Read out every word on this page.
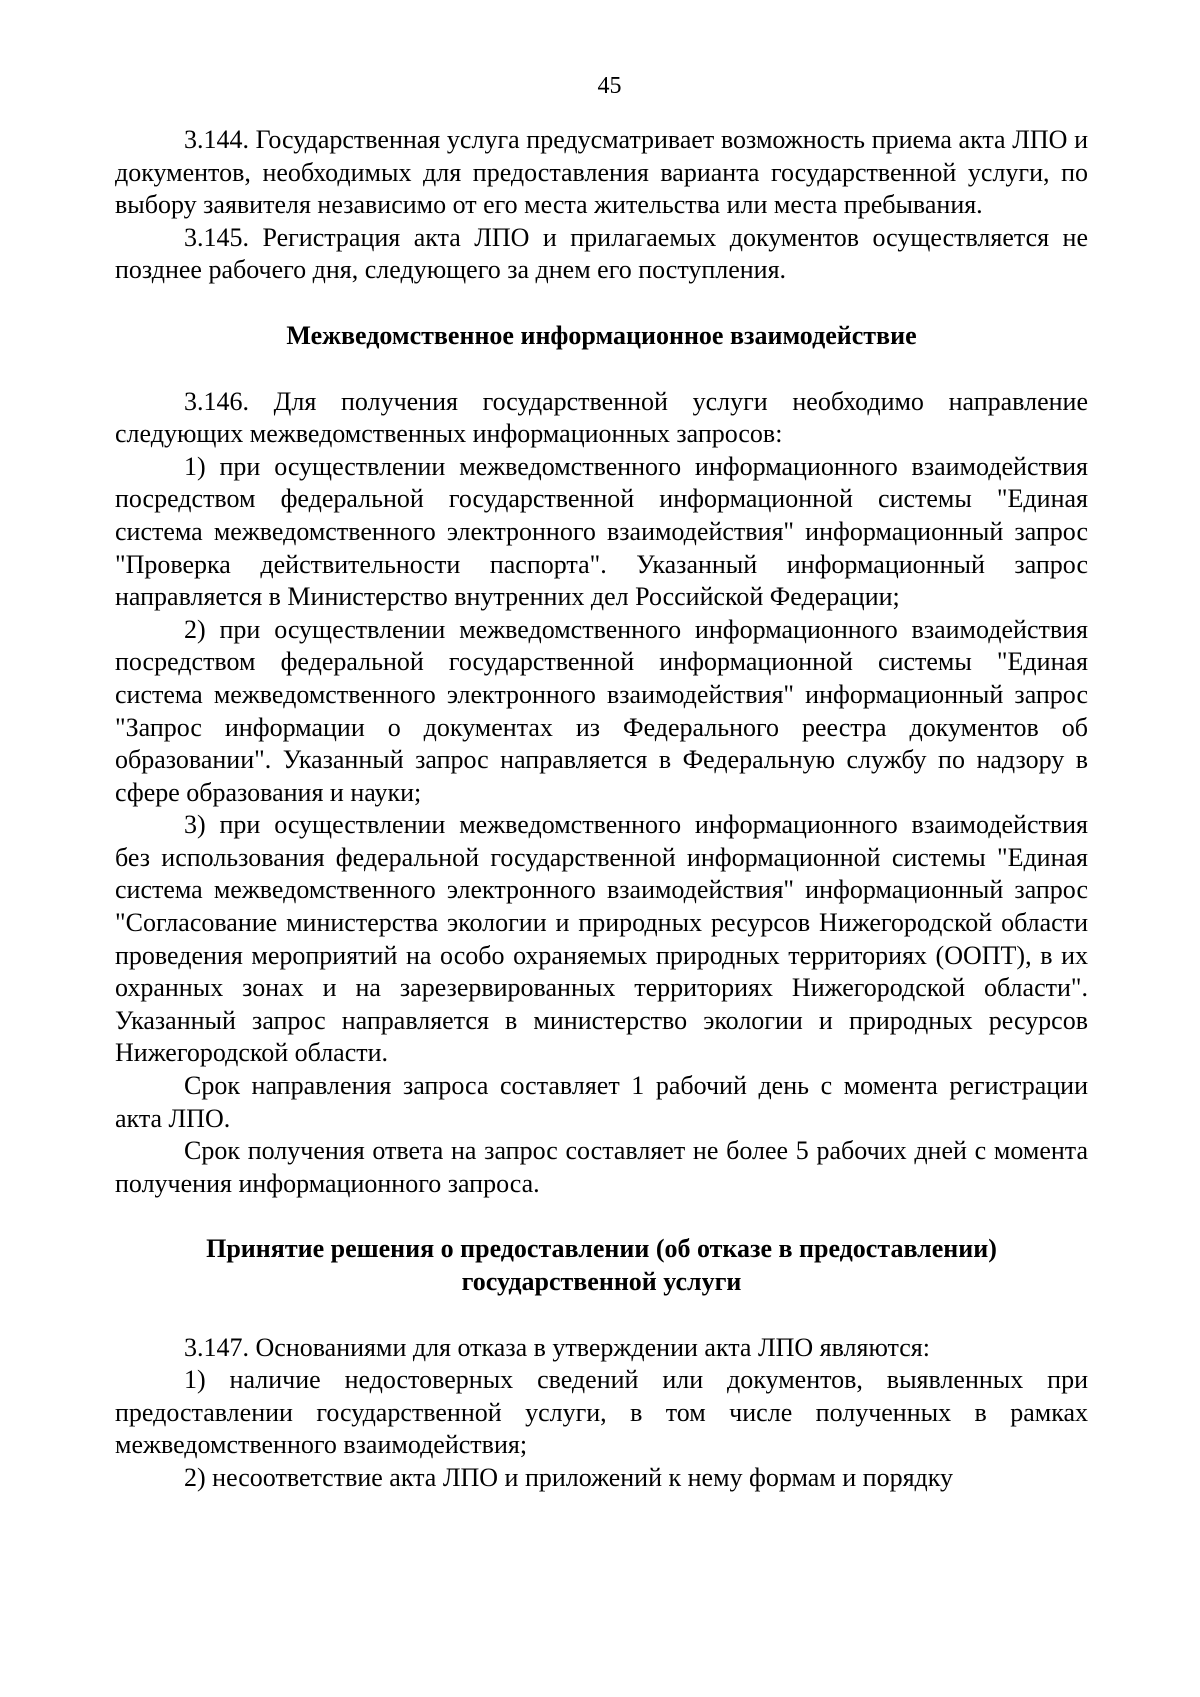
45

3.144. Государственная услуга предусматривает возможность приема акта ЛПО и документов, необходимых для предоставления варианта государственной услуги, по выбору заявителя независимо от его места жительства или места пребывания.

3.145. Регистрация акта ЛПО и прилагаемых документов осуществляется не позднее рабочего дня, следующего за днем его поступления.

Межведомственное информационное взаимодействие

3.146. Для получения государственной услуги необходимо направление следующих межведомственных информационных запросов:

1) при осуществлении межведомственного информационного взаимодействия посредством федеральной государственной информационной системы "Единая система межведомственного электронного взаимодействия" информационный запрос "Проверка действительности паспорта". Указанный информационный запрос направляется в Министерство внутренних дел Российской Федерации;

2) при осуществлении межведомственного информационного взаимодействия посредством федеральной государственной информационной системы "Единая система межведомственного электронного взаимодействия" информационный запрос "Запрос информации о документах из Федерального реестра документов об образовании". Указанный запрос направляется в Федеральную службу по надзору в сфере образования и науки;

3) при осуществлении межведомственного информационного взаимодействия без использования федеральной государственной информационной системы "Единая система межведомственного электронного взаимодействия" информационный запрос "Согласование министерства экологии и природных ресурсов Нижегородской области проведения мероприятий на особо охраняемых природных территориях (ООПТ), в их охранных зонах и на зарезервированных территориях Нижегородской области". Указанный запрос направляется в министерство экологии и природных ресурсов Нижегородской области.

Срок направления запроса составляет 1 рабочий день с момента регистрации акта ЛПО.

Срок получения ответа на запрос составляет не более 5 рабочих дней с момента получения информационного запроса.

Принятие решения о предоставлении (об отказе в предоставлении)
государственной услуги

3.147. Основаниями для отказа в утверждении акта ЛПО являются:

1) наличие недостоверных сведений или документов, выявленных при предоставлении государственной услуги, в том числе полученных в рамках межведомственного взаимодействия;

2) несоответствие акта ЛПО и приложений к нему формам и порядку
